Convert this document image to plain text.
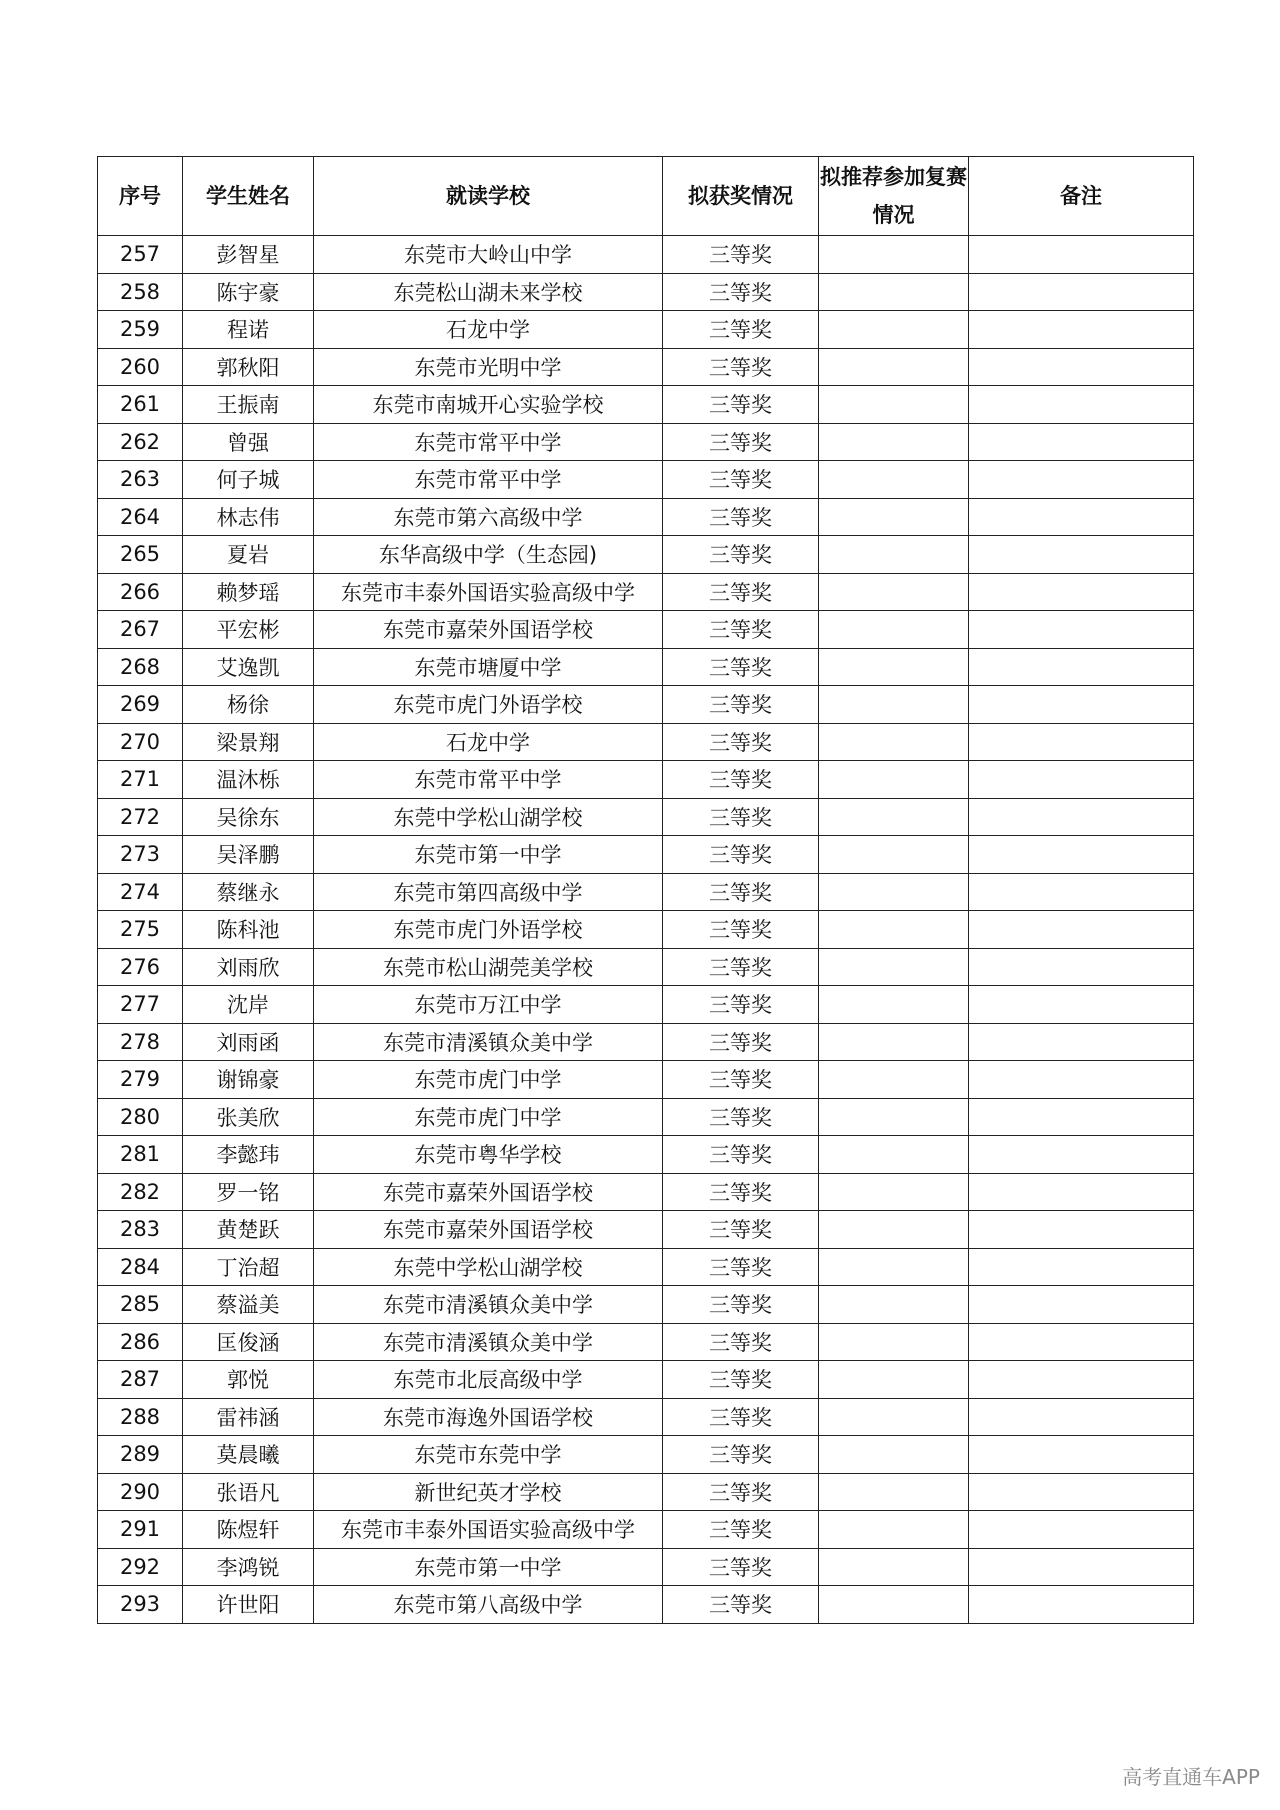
序号	学生姓名	就读学校	拟获奖情况	拟推荐参加复赛情况	备注
257	彭智星	东莞市大岭山中学	三等奖		
258	陈宇豪	东莞松山湖未来学校	三等奖		
259	程诺	石龙中学	三等奖		
260	郭秋阳	东莞市光明中学	三等奖		
261	王振南	东莞市南城开心实验学校	三等奖		
262	曾强	东莞市常平中学	三等奖		
263	何子城	东莞市常平中学	三等奖		
264	林志伟	东莞市第六高级中学	三等奖		
265	夏岩	东华高级中学（生态园)	三等奖		
266	赖梦瑶	东莞市丰泰外国语实验高级中学	三等奖		
267	平宏彬	东莞市嘉荣外国语学校	三等奖		
268	艾逸凯	东莞市塘厦中学	三等奖		
269	杨徐	东莞市虎门外语学校	三等奖		
270	梁景翔	石龙中学	三等奖		
271	温沐栎	东莞市常平中学	三等奖		
272	吴徐东	东莞中学松山湖学校	三等奖		
273	吴泽鹏	东莞市第一中学	三等奖		
274	蔡继永	东莞市第四高级中学	三等奖		
275	陈科池	东莞市虎门外语学校	三等奖		
276	刘雨欣	东莞市松山湖莞美学校	三等奖		
277	沈岸	东莞市万江中学	三等奖		
278	刘雨函	东莞市清溪镇众美中学	三等奖		
279	谢锦豪	东莞市虎门中学	三等奖		
280	张美欣	东莞市虎门中学	三等奖		
281	李懿玮	东莞市粤华学校	三等奖		
282	罗一铭	东莞市嘉荣外国语学校	三等奖		
283	黄楚跃	东莞市嘉荣外国语学校	三等奖		
284	丁治超	东莞中学松山湖学校	三等奖		
285	蔡溢美	东莞市清溪镇众美中学	三等奖		
286	匡俊涵	东莞市清溪镇众美中学	三等奖		
287	郭悦	东莞市北辰高级中学	三等奖		
288	雷祎涵	东莞市海逸外国语学校	三等奖		
289	莫晨曦	东莞市东莞中学	三等奖		
290	张语凡	新世纪英才学校	三等奖		
291	陈煜轩	东莞市丰泰外国语实验高级中学	三等奖		
292	李鸿锐	东莞市第一中学	三等奖		
293	许世阳	东莞市第八高级中学	三等奖		
高考直通车APP
